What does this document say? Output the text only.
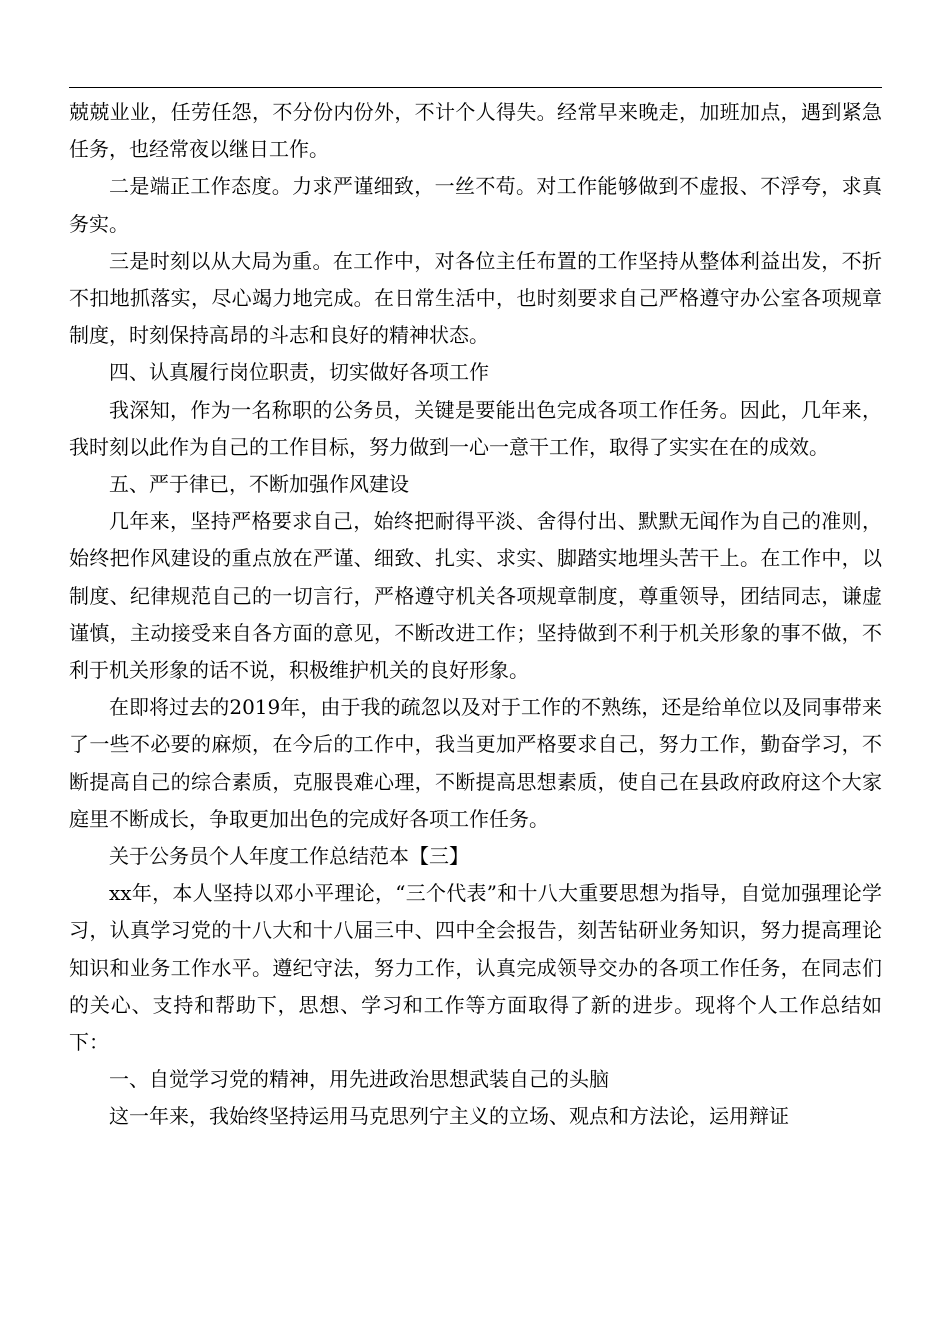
兢兢业业，任劳任怨，不分份内份外，不计个人得失。经常早来晚走，加班加点，遇到紧急任务，也经常夜以继日工作。

二是端正工作态度。力求严谨细致，一丝不苟。对工作能够做到不虚报、不浮夸，求真务实。

三是时刻以从大局为重。在工作中，对各位主任布置的工作坚持从整体利益出发，不折不扣地抓落实，尽心竭力地完成。在日常生活中，也时刻要求自己严格遵守办公室各项规章制度，时刻保持高昂的斗志和良好的精神状态。

四、认真履行岗位职责，切实做好各项工作

我深知，作为一名称职的公务员，关键是要能出色完成各项工作任务。因此，几年来，我时刻以此作为自己的工作目标，努力做到一心一意干工作，取得了实实在在的成效。

五、严于律已，不断加强作风建设

几年来，坚持严格要求自己，始终把耐得平淡、舍得付出、默默无闻作为自己的准则，始终把作风建设的重点放在严谨、细致、扎实、求实、脚踏实地埋头苦干上。在工作中，以制度、纪律规范自己的一切言行，严格遵守机关各项规章制度，尊重领导，团结同志，谦虚谨慎，主动接受来自各方面的意见，不断改进工作；坚持做到不利于机关形象的事不做，不利于机关形象的话不说，积极维护机关的良好形象。

在即将过去的2019年，由于我的疏忽以及对于工作的不熟练，还是给单位以及同事带来了一些不必要的麻烦，在今后的工作中，我当更加严格要求自己，努力工作，勤奋学习，不断提高自己的综合素质，克服畏难心理，不断提高思想素质，使自己在县政府政府这个大家庭里不断成长，争取更加出色的完成好各项工作任务。

关于公务员个人年度工作总结范本【三】

xx年，本人坚持以邓小平理论，“三个代表”和十八大重要思想为指导，自觉加强理论学习，认真学习党的十八大和十八届三中、四中全会报告，刻苦钻研业务知识，努力提高理论知识和业务工作水平。遵纪守法，努力工作，认真完成领导交办的各项工作任务，在同志们的关心、支持和帮助下，思想、学习和工作等方面取得了新的进步。现将个人工作总结如下：

一、自觉学习党的精神，用先进政治思想武装自己的头脑

这一年来，我始终坚持运用马克思列宁主义的立场、观点和方法论，运用辩证
